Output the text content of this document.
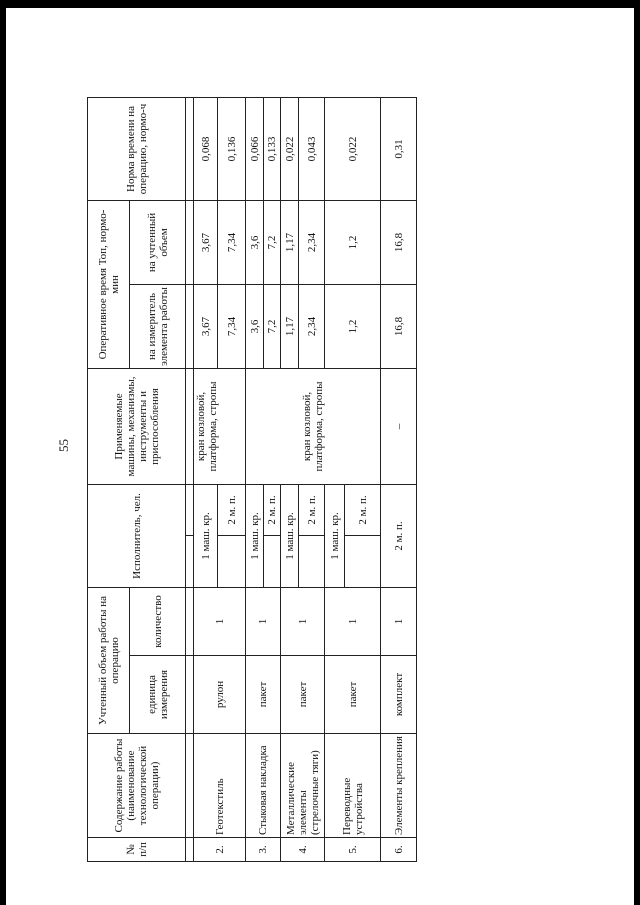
55
№ п/п	Содержание работы (наименование технологической операции)	Учтенный объем работы на операцию		Исполнитель, чел.		Применяемые машины, механизмы, инструменты и приспособления	Оперативное время Топ, нормо-мин		Норма времени на операцию, нормо-ч
		единица измерения	количество				на измеритель элемента работы	на учтенный объем	

2.	Геотекстиль	рулон	1	1 маш. кр.		кран козловой, платформа, стропы	3,67	3,67	0,068
					2 м. п.		7,34	7,34	0,136
3.	Стыковая накладка	пакет	1	1 маш. кр.		кран козловой, платформа, стропы	3,6	3,6	0,066
					2 м. п.		7,2	7,2	0,133
4.	Металлические элементы (стрелочные тяги)	пакет	1	1 маш. кр.			1,17	1,17	0,022
					2 м. п.		2,34	2,34	0,043

5.	Переводные устройства	пакет	1	1 маш. кр.			1,2	1,2	0,022
					2 м. п.				
6.	Элементы крепления	комплект	1	2 м. п.		–	16,8	16,8	0,31
